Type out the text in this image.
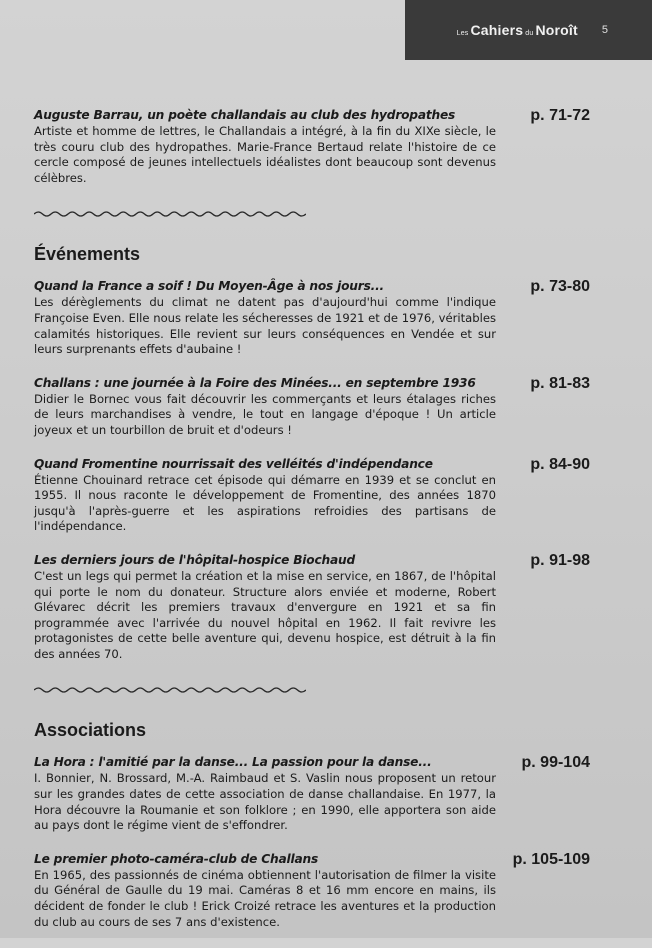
Les Cahiers du Noroît 5

Auguste Barrau, un poète challandais au club des hydropathes	p. 71-72

Artiste et homme de lettres, le Challandais a intégré, à la fin du XIXe siècle, le très couru club des hydropathes. Marie-France Bertaud relate l'histoire de ce cercle composé de jeunes intellectuels idéalistes dont beaucoup sont devenus célèbres.

Événements

Quand la France a soif ! Du Moyen-Âge à nos jours...	p. 73-80

Les dérèglements du climat ne datent pas d'aujourd'hui comme l'indique Françoise Even. Elle nous relate les sécheresses de 1921 et de 1976, véritables calamités historiques. Elle revient sur leurs conséquences en Vendée et sur leurs surprenants effets d'aubaine !

Challans : une journée à la Foire des Minées... en septembre 1936	p. 81-83

Didier le Bornec vous fait découvrir les commerçants et leurs étalages riches de leurs marchandises à vendre, le tout en langage d'époque ! Un article joyeux et un tourbillon de bruit et d'odeurs !

Quand Fromentine nourrissait des velléités d'indépendance	p. 84-90

Étienne Chouinard retrace cet épisode qui démarre en 1939 et se conclut en 1955. Il nous raconte le développement de Fromentine, des années 1870 jusqu'à l'après-guerre et les aspirations refroidies des partisans de l'indépendance.

Les derniers jours de l'hôpital-hospice Biochaud	p. 91-98

C'est un legs qui permet la création et la mise en service, en 1867, de l'hôpital qui porte le nom du donateur. Structure alors enviée et moderne, Robert Glévarec décrit les premiers travaux d'envergure en 1921 et sa fin programmée avec l'arrivée du nouvel hôpital en 1962. Il fait revivre les protagonistes de cette belle aventure qui, devenu hospice, est détruit à la fin des années 70.

Associations

La Hora : l'amitié par la danse... La passion pour la danse...	p. 99-104

I. Bonnier, N. Brossard, M.-A. Raimbaud et S. Vaslin nous proposent un retour sur les grandes dates de cette association de danse challandaise. En 1977, la Hora découvre la Roumanie et son folklore ; en 1990, elle apportera son aide au pays dont le régime vient de s'effondrer.

Le premier photo-caméra-club de Challans	p. 105-109

En 1965, des passionnés de cinéma obtiennent l'autorisation de filmer la visite du Général de Gaulle du 19 mai. Caméras 8 et 16 mm encore en mains, ils décident de fonder le club ! Erick Croizé retrace les aventures et la production du club au cours de ses 7 ans d'existence.
